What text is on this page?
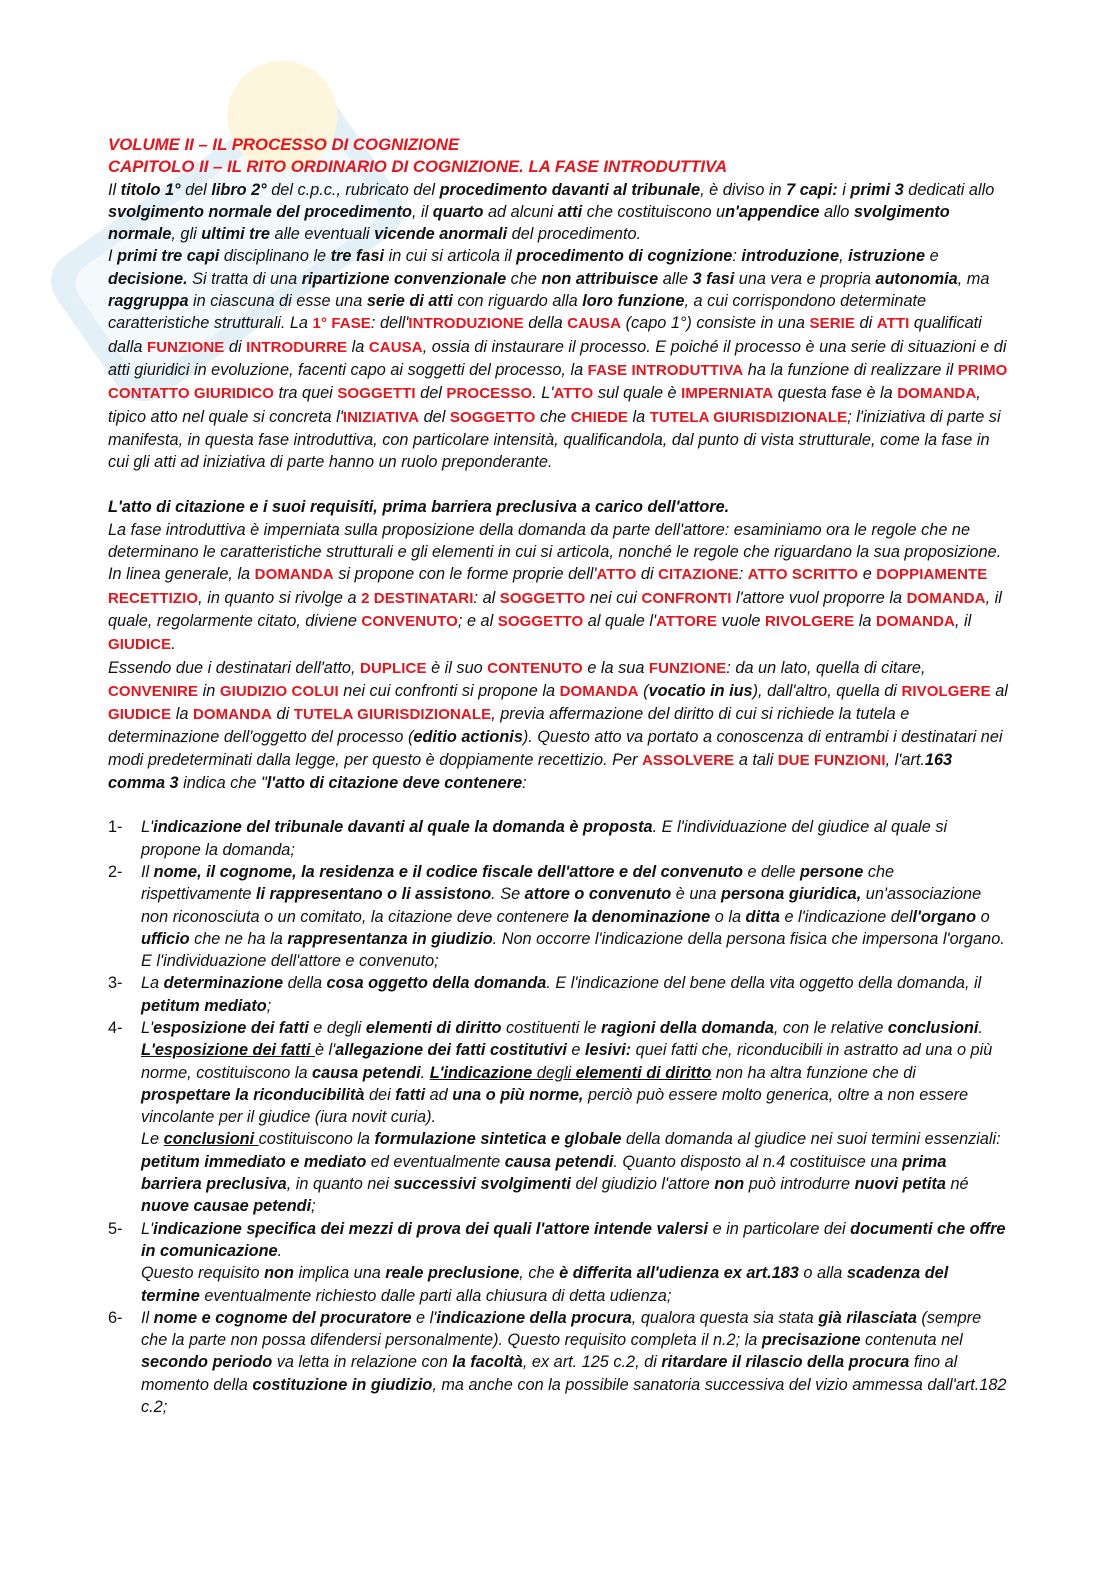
VOLUME II – IL PROCESSO DI COGNIZIONE

CAPITOLO II – IL RITO ORDINARIO DI COGNIZIONE. LA FASE INTRODUTTIVA

Il titolo 1° del libro 2° del c.p.c., rubricato del procedimento davanti al tribunale, è diviso in 7 capi: i primi 3 dedicati allo svolgimento normale del procedimento, il quarto ad alcuni atti che costituiscono un'appendice allo svolgimento normale, gli ultimi tre alle eventuali vicende anormali del procedimento.

I primi tre capi disciplinano le tre fasi in cui si articola il procedimento di cognizione: introduzione, istruzione e decisione. Si tratta di una ripartizione convenzionale che non attribuisce alle 3 fasi una vera e propria autonomia, ma raggruppa in ciascuna di esse una serie di atti con riguardo alla loro funzione, a cui corrispondono determinate caratteristiche strutturali. La 1° FASE: dell'INTRODUZIONE della CAUSA (capo 1°) consiste in una SERIE di ATTI qualificati dalla FUNZIONE di INTRODURRE la CAUSA, ossia di instaurare il processo. E poiché il processo è una serie di situazioni e di atti giuridici in evoluzione, facenti capo ai soggetti del processo, la FASE INTRODUTTIVA ha la funzione di realizzare il PRIMO CONTATTO GIURIDICO tra quei SOGGETTI del PROCESSO. L'ATTO sul quale è IMPERNIATA questa fase è la DOMANDA, tipico atto nel quale si concreta l'INIZIATIVA del SOGGETTO che CHIEDE la TUTELA GIURISDIZIONALE; l'iniziativa di parte si manifesta, in questa fase introduttiva, con particolare intensità, qualificandola, dal punto di vista strutturale, come la fase in cui gli atti ad iniziativa di parte hanno un ruolo preponderante.

L'atto di citazione e i suoi requisiti, prima barriera preclusiva a carico dell'attore.

La fase introduttiva è imperniata sulla proposizione della domanda da parte dell'attore: esaminiamo ora le regole che ne determinano le caratteristiche strutturali e gli elementi in cui si articola, nonché le regole che riguardano la sua proposizione. In linea generale, la DOMANDA si propone con le forme proprie dell'ATTO di CITAZIONE: ATTO SCRITTO e DOPPIAMENTE RECETTIZIO, in quanto si rivolge a 2 DESTINATARI: al SOGGETTO nei cui CONFRONTI l'attore vuol proporre la DOMANDA, il quale, regolarmente citato, diviene CONVENUTO; e al SOGGETTO al quale l'ATTORE vuole RIVOLGERE la DOMANDA, il GIUDICE.

Essendo due i destinatari dell'atto, DUPLICE è il suo CONTENUTO e la sua FUNZIONE: da un lato, quella di citare, CONVENIRE in GIUDIZIO COLUI nei cui confronti si propone la DOMANDA (vocatio in ius), dall'altro, quella di RIVOLGERE al GIUDICE la DOMANDA di TUTELA GIURISDIZIONALE, previa affermazione del diritto di cui si richiede la tutela e determinazione dell'oggetto del processo (editio actionis). Questo atto va portato a conoscenza di entrambi i destinatari nei modi predeterminati dalla legge, per questo è doppiamente recettizio. Per ASSOLVERE a tali DUE FUNZIONI, l'art.163 comma 3 indica che "l'atto di citazione deve contenere:

1- L'indicazione del tribunale davanti al quale la domanda è proposta. E l'individuazione del giudice al quale si propone la domanda;
2- Il nome, il cognome, la residenza e il codice fiscale dell'attore e del convenuto e delle persone che rispettivamente li rappresentano o li assistono. Se attore o convenuto è una persona giuridica, un'associazione non riconosciuta o un comitato, la citazione deve contenere la denominazione o la ditta e l'indicazione dell'organo o ufficio che ne ha la rappresentanza in giudizio. Non occorre l'indicazione della persona fisica che impersona l'organo. E l'individuazione dell'attore e convenuto;
3- La determinazione della cosa oggetto della domanda. E l'indicazione del bene della vita oggetto della domanda, il petitum mediato;
4- L'esposizione dei fatti e degli elementi di diritto costituenti le ragioni della domanda, con le relative conclusioni. L'esposizione dei fatti è l'allegazione dei fatti costitutivi e lesivi: quei fatti che, riconducibili in astratto ad una o più norme, costituiscono la causa petendi. L'indicazione degli elementi di diritto non ha altra funzione che di prospettare la riconducibilità dei fatti ad una o più norme, perciò può essere molto generica, oltre a non essere vincolante per il giudice (iura novit curia).
Le conclusioni costituiscono la formulazione sintetica e globale della domanda al giudice nei suoi termini essenziali: petitum immediato e mediato ed eventualmente causa petendi. Quanto disposto al n.4 costituisce una prima barriera preclusiva, in quanto nei successivi svolgimenti del giudizio l'attore non può introdurre nuovi petita né nuove causae petendi;
5- L'indicazione specifica dei mezzi di prova dei quali l'attore intende valersi e in particolare dei documenti che offre in comunicazione.
Questo requisito non implica una reale preclusione, che è differita all'udienza ex art.183 o alla scadenza del termine eventualmente richiesto dalle parti alla chiusura di detta udienza;
6- Il nome e cognome del procuratore e l'indicazione della procura, qualora questa sia stata già rilasciata (sempre che la parte non possa difendersi personalmente). Questo requisito completa il n.2; la precisazione contenuta nel secondo periodo va letta in relazione con la facoltà, ex art. 125 c.2, di ritardare il rilascio della procura fino al momento della costituzione in giudizio, ma anche con la possibile sanatoria successiva del vizio ammessa dall'art.182 c.2;
